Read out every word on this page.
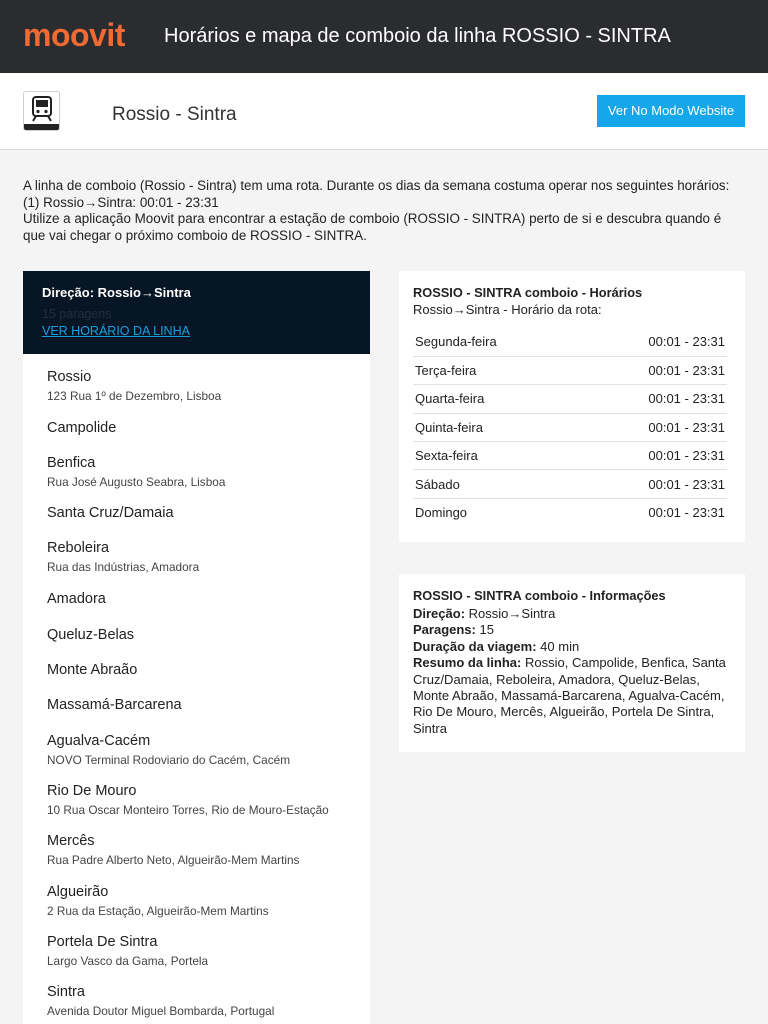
moovit Horários e mapa de comboio da linha ROSSIO - SINTRA
Rossio - Sintra	Ver No Modo Website

A linha de comboio (Rossio - Sintra) tem uma rota. Durante os dias da semana costuma operar nos seguintes horários:

(1) Rossio→Sintra: 00:01 - 23:31

Utilize a aplicação Moovit para encontrar a estação de comboio (ROSSIO - SINTRA) perto de si e descubra quando é que vai chegar o próximo comboio de ROSSIO - SINTRA.

Direção: Rossio→Sintra
15 paragens
VER HORÁRIO DA LINHA
Rossio
123 Rua 1º de Dezembro, Lisboa
Campolide
Benfica
Rua José Augusto Seabra, Lisboa
Santa Cruz/Damaia
Reboleira
Rua das Indústrias, Amadora
Amadora
Queluz-Belas
Monte Abraão
Massamá-Barcarena
Agualva-Cacém
NOVO Terminal Rodoviario do Cacém, Cacém
Rio De Mouro
10 Rua Oscar Monteiro Torres, Rio de Mouro-Estação
Mercês
Rua Padre Alberto Neto, Algueirão-Mem Martins
Algueirão
2 Rua da Estação, Algueirão-Mem Martins
Portela De Sintra
Largo Vasco da Gama, Portela
Sintra
Avenida Doutor Miguel Bombarda, Portugal
ROSSIO - SINTRA comboio - Horários
Rossio→Sintra - Horário da rota:
Segunda-feira	00:01 - 23:31
Terça-feira	00:01 - 23:31
Quarta-feira	00:01 - 23:31
Quinta-feira	00:01 - 23:31
Sexta-feira	00:01 - 23:31
Sábado	00:01 - 23:31
Domingo	00:01 - 23:31
ROSSIO - SINTRA comboio - Informações
Direção: Rossio→Sintra
Paragens: 15
Duração da viagem: 40 min
Resumo da linha: Rossio, Campolide, Benfica, Santa Cruz/Damaia, Reboleira, Amadora, Queluz-Belas, Monte Abraão, Massamá-Barcarena, Agualva-Cacém, Rio De Mouro, Mercês, Algueirão, Portela De Sintra, Sintra
